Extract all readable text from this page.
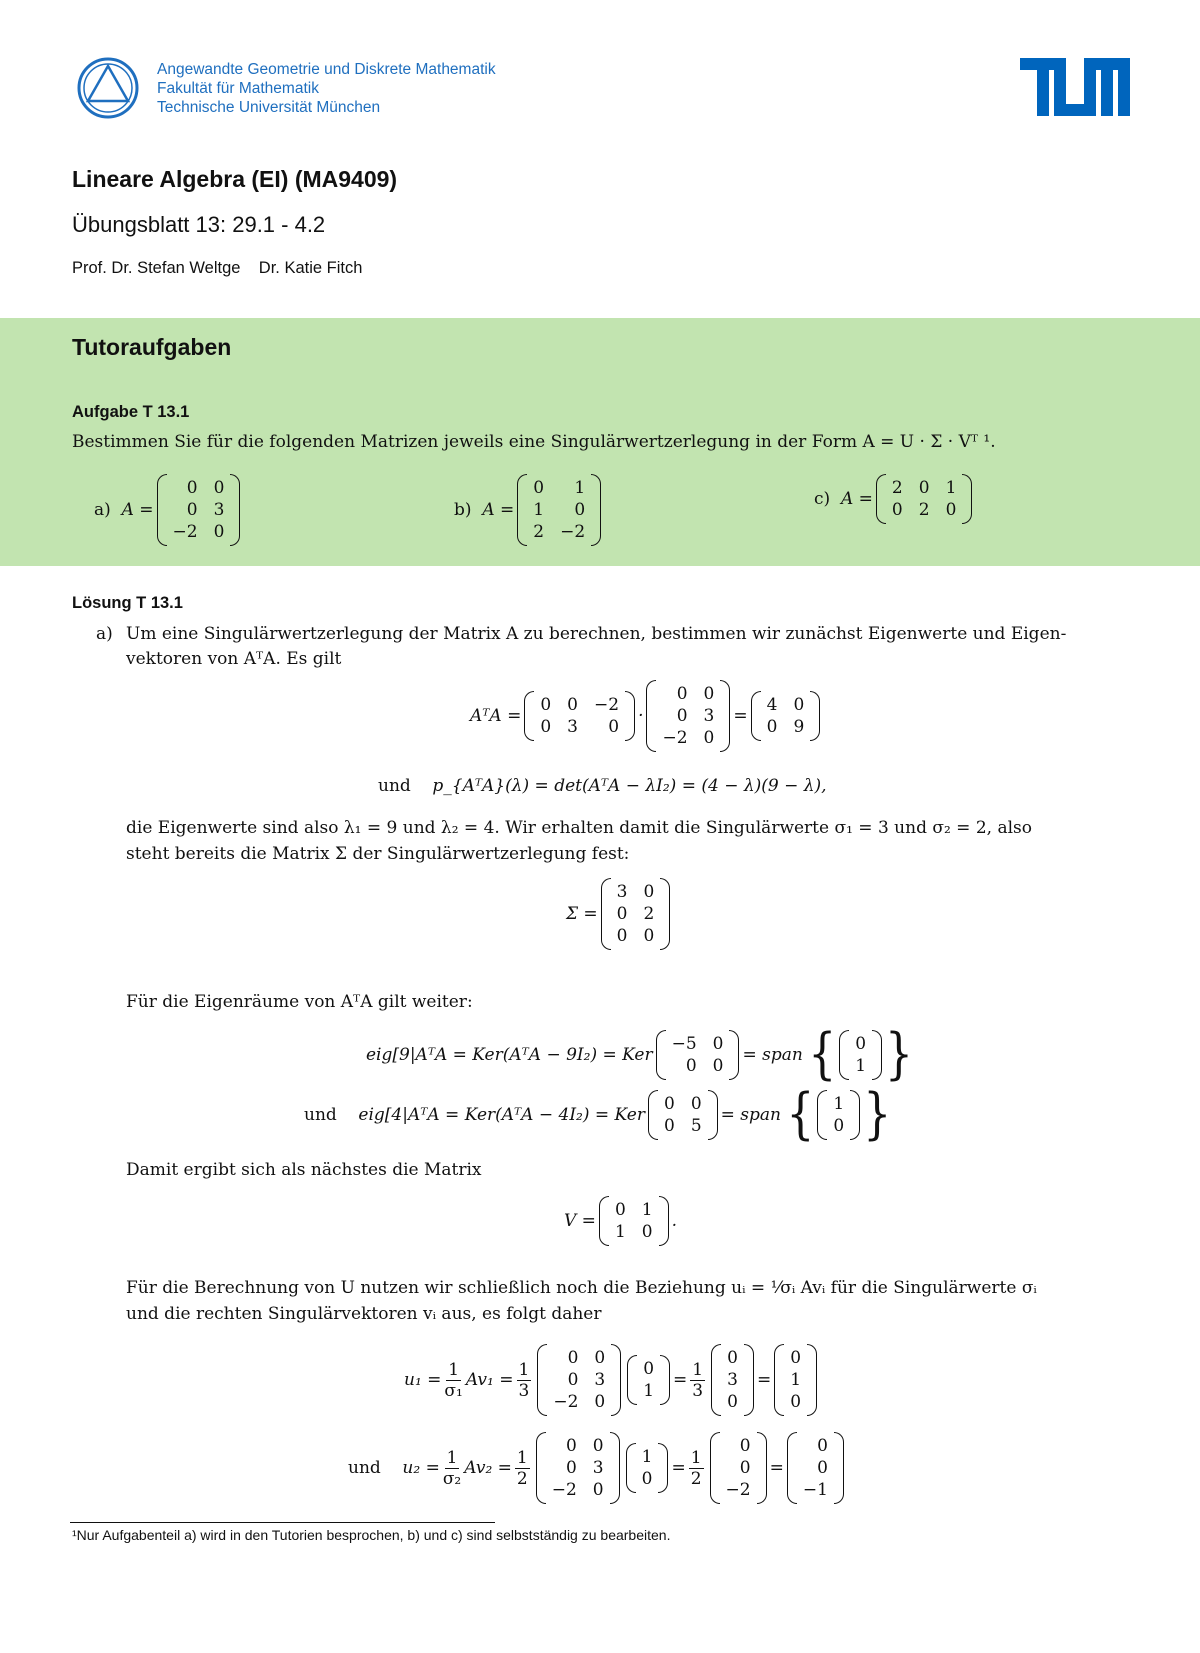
Angewandte Geometrie und Diskrete Mathematik
Fakultät für Mathematik
Technische Universität München
Lineare Algebra (EI) (MA9409)
Übungsblatt 13: 29.1 - 4.2
Prof. Dr. Stefan Weltge    Dr. Katie Fitch
Tutoraufgaben
Aufgabe T 13.1
Bestimmen Sie für die folgenden Matrizen jeweils eine Singulärwertzerlegung in der Form A = U · Σ · Vᵀ ¹.
a)
A =
0 0
0 3
−2 0
b)
A =
0	1
1	0
2 −2
c)
A =
2 0 1
0 2 0
Lösung T 13.1
a) Um eine Singulärwertzerlegung der Matrix A zu berechnen, bestimmen wir zunächst Eigenwerte und Eigen-
vektoren von AᵀA. Es gilt
AᵀA =
0 0 −2
0 3	0
·
0 0
0 3
−2 0
=
4 0
0 9
und
p_{AᵀA}(λ) = det(AᵀA − λI₂) = (4 − λ)(9 − λ),
die Eigenwerte sind also λ₁ = 9 und λ₂ = 4. Wir erhalten damit die Singulärwerte σ₁ = 3 und σ₂ = 2, also
steht bereits die Matrix Σ der Singulärwertzerlegung fest:
Σ =
3 0
0 2
0 0
Für die Eigenräume von AᵀA gilt weiter:
eig[9|AᵀA = Ker(AᵀA − 9I₂) = Ker
−5 0
0 0
= span
{ 0
1 }
und
eig[4|AᵀA = Ker(AᵀA − 4I₂) = Ker
0 0
0 5
= span
{ 1
0 }
Damit ergibt sich als nächstes die Matrix
V =
0 1
1 0
.
Für die Berechnung von U nutzen wir schließlich noch die Beziehung uᵢ = ¹⁄σᵢ Avᵢ für die Singulärwerte σᵢ
und die rechten Singulärvektoren vᵢ aus, es folgt daher
$u_1 = \frac{1}{\text{σ₁}} Av_1 = \frac{1}{3}$
0 0
0 3
−2 0
0
1
= $\frac{1}{3}$
0
3
0
=
0
1
0
und
$u_2 = \frac{1}{\text{σ₂}} Av_2 = \frac{1}{2}$
0 0
0 3
−2 0
1
0
= $\frac{1}{2}$
0
0
−2
=
0
0
−1
¹Nur Aufgabenteil a) wird in den Tutorien besprochen, b) und c) sind selbstständig zu bearbeiten.
